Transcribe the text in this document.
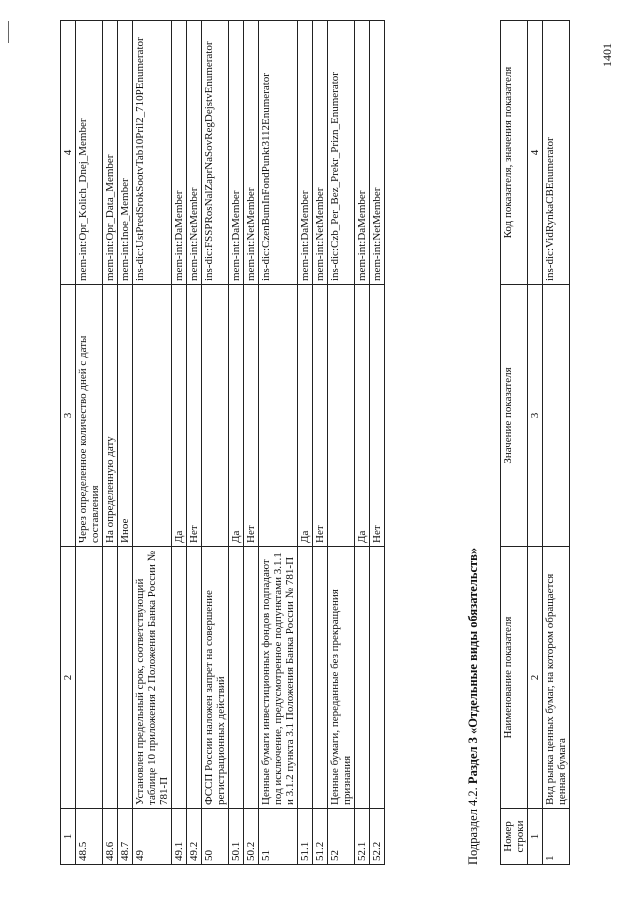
1	2	3	4
48.5		Через определенное количество дней с даты составления	mem-int:Opr_Kolich_Dnej_Member
48.6		На определенную дату	mem-int:Opr_Data_Member
48.7		Иное	mem-int:Inoe_Member
49	Установлен предельный срок, соответствующий таблице 10 приложения 2 Положения Банка России № 781-П		ins-dic:UstPredSrokSootvTab10Pril2_710PEnumerator
49.1		Да	mem-int:DaMember
49.2		Нет	mem-int:NetMember
50	ФССП России наложен запрет на совершение регистрационных действий		ins-dic:FSSPRosNalZaprNaSovRegDejstvEnumerator
50.1		Да	mem-int:DaMember
50.2		Нет	mem-int:NetMember
51	Ценные бумаги инвестиционных фондов подпадают под исключение, предусмотренное подпунктами 3.1.1 и 3.1.2 пункта 3.1 Положения Банка России № 781-П		ins-dic:CzenBumInFondPunkt3112Enumerator
51.1		Да	mem-int:DaMember
51.2		Нет	mem-int:NetMember
52	Ценные бумаги, переданные без прекращения признания		ins-dic:Czb_Per_Bez_Prekr_Prizn_Enumerator
52.1		Да	mem-int:DaMember
52.2		Нет	mem-int:NetMember
Подраздел 4.2. Раздел 3 «Отдельные виды обязательств»
Номер строки	Наименование показателя	Значение показателя	Код показателя, значения показателя
1	2	3	4
1	Вид рынка ценных бумаг, на котором обращается ценная бумага		ins-dic:VidRynkaCBEnumerator
1401
